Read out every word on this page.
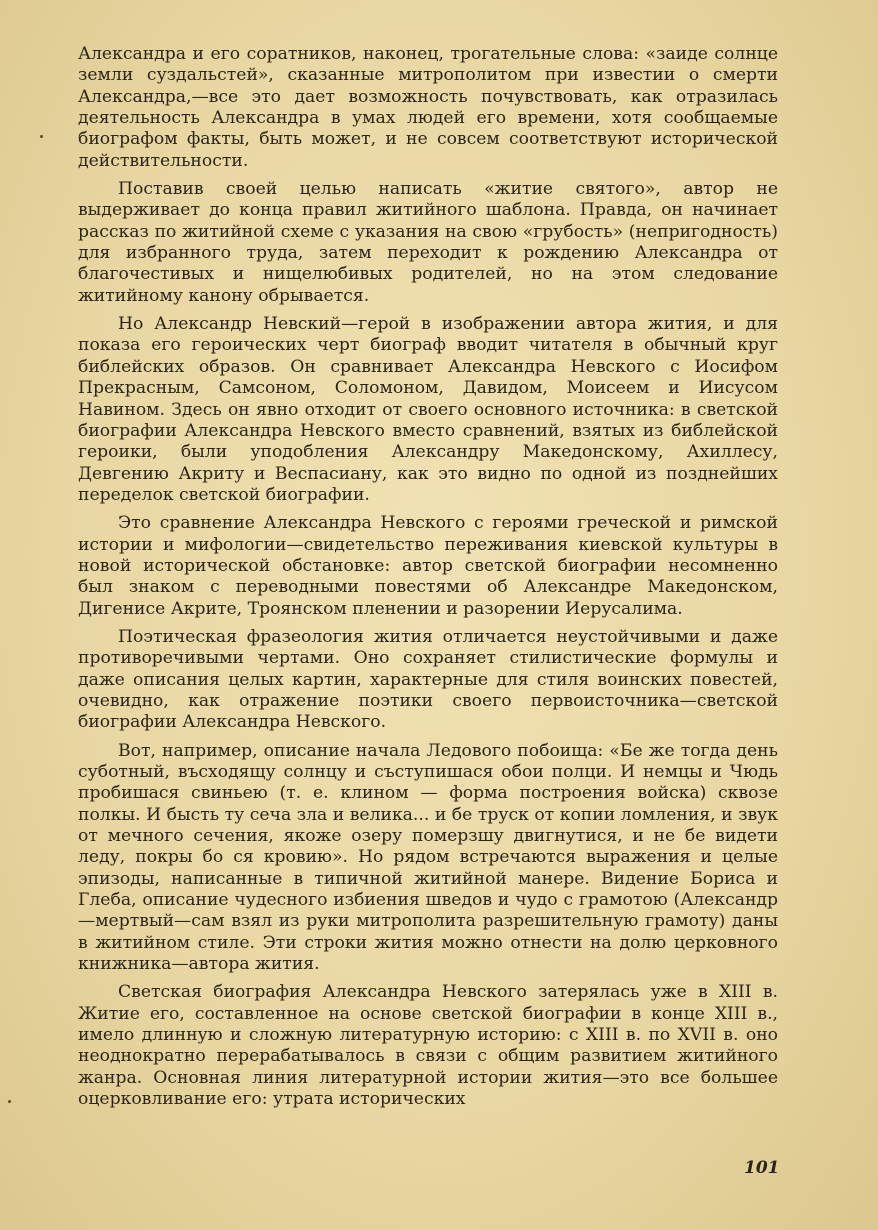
Александра и его соратников, наконец, трогательные слова: «заиде солнце земли суздальстей», сказанные митрополитом при известии о смерти Александра,—все это дает возможность почувствовать, как отразилась деятельность Александра в умах людей его времени, хотя сообщаемые биографом факты, быть может, и не совсем соответствуют исторической действительности.

Поставив своей целью написать «житие святого», автор не выдерживает до конца правил житийного шаблона. Правда, он начинает рассказ по житийной схеме с указания на свою «грубость» (непригодность) для избранного труда, затем переходит к рождению Александра от благочестивых и нищелюбивых родителей, но на этом следование житийному канону обрывается.

Но Александр Невский—герой в изображении автора жития, и для показа его героических черт биограф вводит читателя в обычный круг библейских образов. Он сравнивает Александра Невского с Иосифом Прекрасным, Самсоном, Соломоном, Давидом, Моисеем и Иисусом Навином. Здесь он явно отходит от своего основного источника: в светской биографии Александра Невского вместо сравнений, взятых из библейской героики, были уподобления Александру Македонскому, Ахиллесу, Девгению Акриту и Веспасиану, как это видно по одной из позднейших переделок светской биографии.

Это сравнение Александра Невского с героями греческой и римской истории и мифологии—свидетельство переживания киевской культуры в новой исторической обстановке: автор светской биографии несомненно был знаком с переводными повестями об Александре Македонском, Дигенисе Акрите, Троянском пленении и разорении Иерусалима.

Поэтическая фразеология жития отличается неустойчивыми и даже противоречивыми чертами. Оно сохраняет стилистические формулы и даже описания целых картин, характерные для стиля воинских повестей, очевидно, как отражение поэтики своего первоисточника—светской биографии Александра Невского.

Вот, например, описание начала Ледового побоища: «Бе же тогда день суботный, въсходящу солнцу и съступишася обои полци. И немцы и Чюдь пробишася свиньею (т. е. клином — форма построения войска) сквозе полкы. И бысть ту сеча зла и велика... и бе труск от копии ломления, и звук от мечного сечения, якоже озеру померзшу двигнутися, и не бе видети леду, покры бо ся кровию». Но рядом встречаются выражения и целые эпизоды, написанные в типичной житийной манере. Видение Бориса и Глеба, описание чудесного избиения шведов и чудо с грамотою (Александр—мертвый—сам взял из руки митрополита разрешительную грамоту) даны в житийном стиле. Эти строки жития можно отнести на долю церковного книжника—автора жития.

Светская биография Александра Невского затерялась уже в XIII в. Житие его, составленное на основе светской биографии в конце XIII в., имело длинную и сложную литературную историю: с XIII в. по XVII в. оно неоднократно перерабатывалось в связи с общим развитием житийного жанра. Основная линия литературной истории жития—это все большее оцерковливание его: утрата исторических

101
